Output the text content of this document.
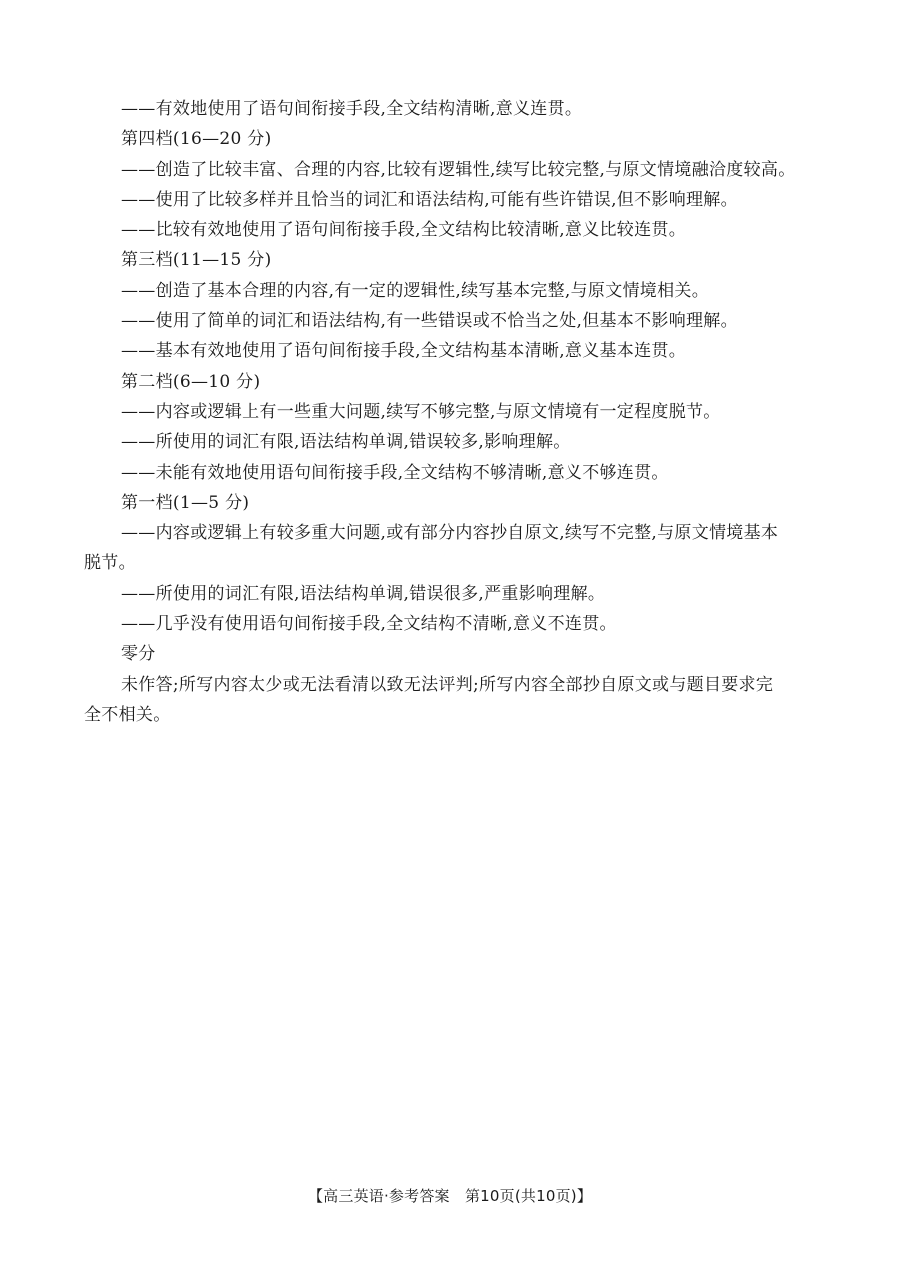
——有效地使用了语句间衔接手段,全文结构清晰,意义连贯。
第四档(16—20 分)
——创造了比较丰富、合理的内容,比较有逻辑性,续写比较完整,与原文情境融洽度较高。
——使用了比较多样并且恰当的词汇和语法结构,可能有些许错误,但不影响理解。
——比较有效地使用了语句间衔接手段,全文结构比较清晰,意义比较连贯。
第三档(11—15 分)
——创造了基本合理的内容,有一定的逻辑性,续写基本完整,与原文情境相关。
——使用了简单的词汇和语法结构,有一些错误或不恰当之处,但基本不影响理解。
——基本有效地使用了语句间衔接手段,全文结构基本清晰,意义基本连贯。
第二档(6—10 分)
——内容或逻辑上有一些重大问题,续写不够完整,与原文情境有一定程度脱节。
——所使用的词汇有限,语法结构单调,错误较多,影响理解。
——未能有效地使用语句间衔接手段,全文结构不够清晰,意义不够连贯。
第一档(1—5 分)
——内容或逻辑上有较多重大问题,或有部分内容抄自原文,续写不完整,与原文情境基本
脱节。
——所使用的词汇有限,语法结构单调,错误很多,严重影响理解。
——几乎没有使用语句间衔接手段,全文结构不清晰,意义不连贯。
零分
未作答;所写内容太少或无法看清以致无法评判;所写内容全部抄自原文或与题目要求完
全不相关。
【高三英语·参考答案　第10页(共10页)】
